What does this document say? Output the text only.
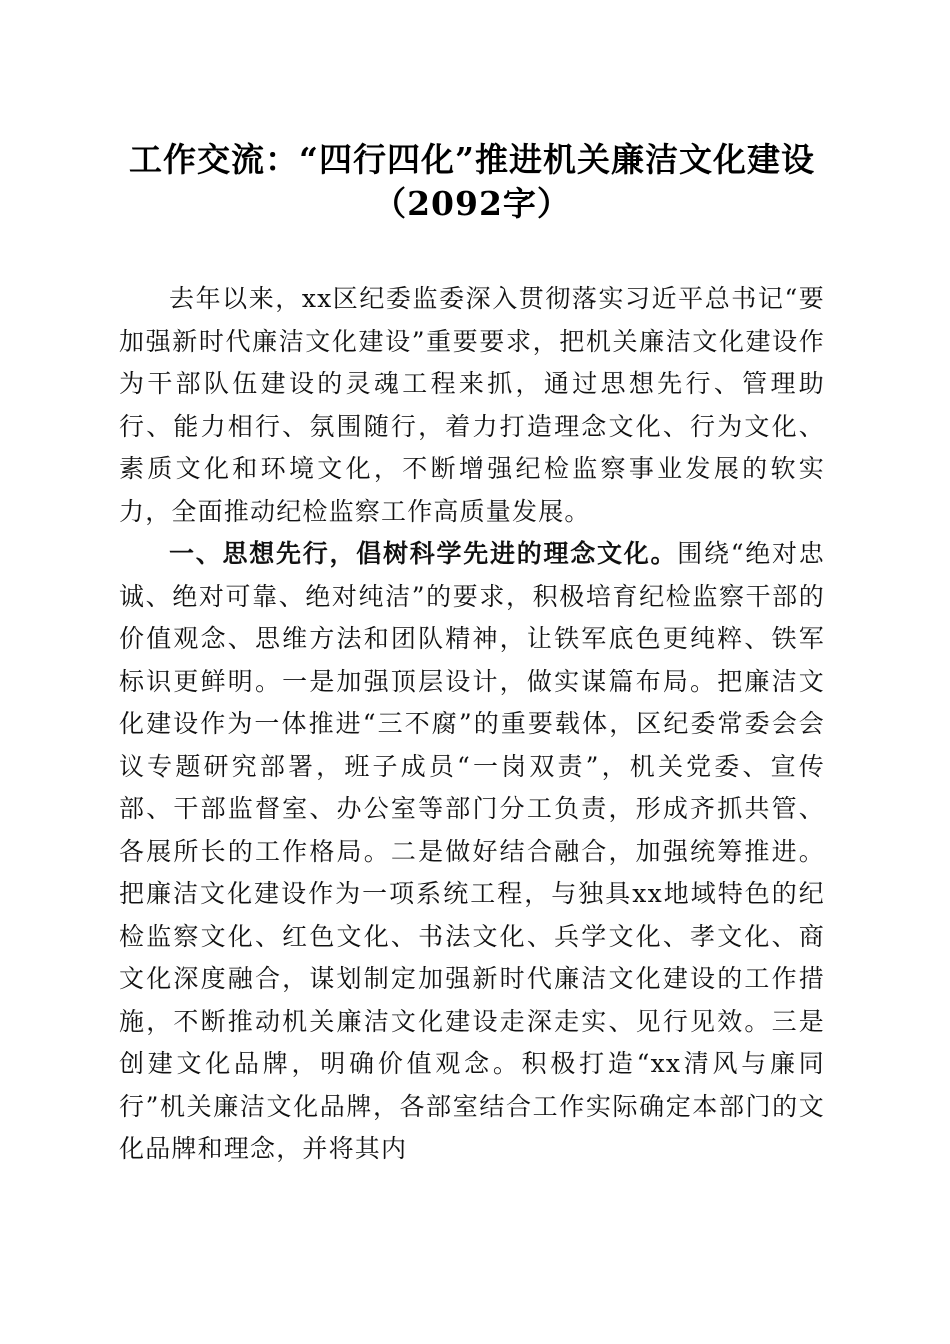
工作交流：“四行四化”推进机关廉洁文化建设（2092字）

去年以来，xx区纪委监委深入贯彻落实习近平总书记“要加强新时代廉洁文化建设”重要要求，把机关廉洁文化建设作为干部队伍建设的灵魂工程来抓，通过思想先行、管理助行、能力相行、氛围随行，着力打造理念文化、行为文化、素质文化和环境文化，不断增强纪检监察事业发展的软实力，全面推动纪检监察工作高质量发展。

一、思想先行，倡树科学先进的理念文化。围绕“绝对忠诚、绝对可靠、绝对纯洁”的要求，积极培育纪检监察干部的价值观念、思维方法和团队精神，让铁军底色更纯粹、铁军标识更鲜明。一是加强顶层设计，做实谋篇布局。把廉洁文化建设作为一体推进“三不腐”的重要载体，区纪委常委会会议专题研究部署，班子成员“一岗双责”，机关党委、宣传部、干部监督室、办公室等部门分工负责，形成齐抓共管、各展所长的工作格局。二是做好结合融合，加强统筹推进。把廉洁文化建设作为一项系统工程，与独具xx地域特色的纪检监察文化、红色文化、书法文化、兵学文化、孝文化、商文化深度融合，谋划制定加强新时代廉洁文化建设的工作措施，不断推动机关廉洁文化建设走深走实、见行见效。三是创建文化品牌，明确价值观念。积极打造“xx清风与廉同行”机关廉洁文化品牌，各部室结合工作实际确定本部门的文化品牌和理念，并将其内
